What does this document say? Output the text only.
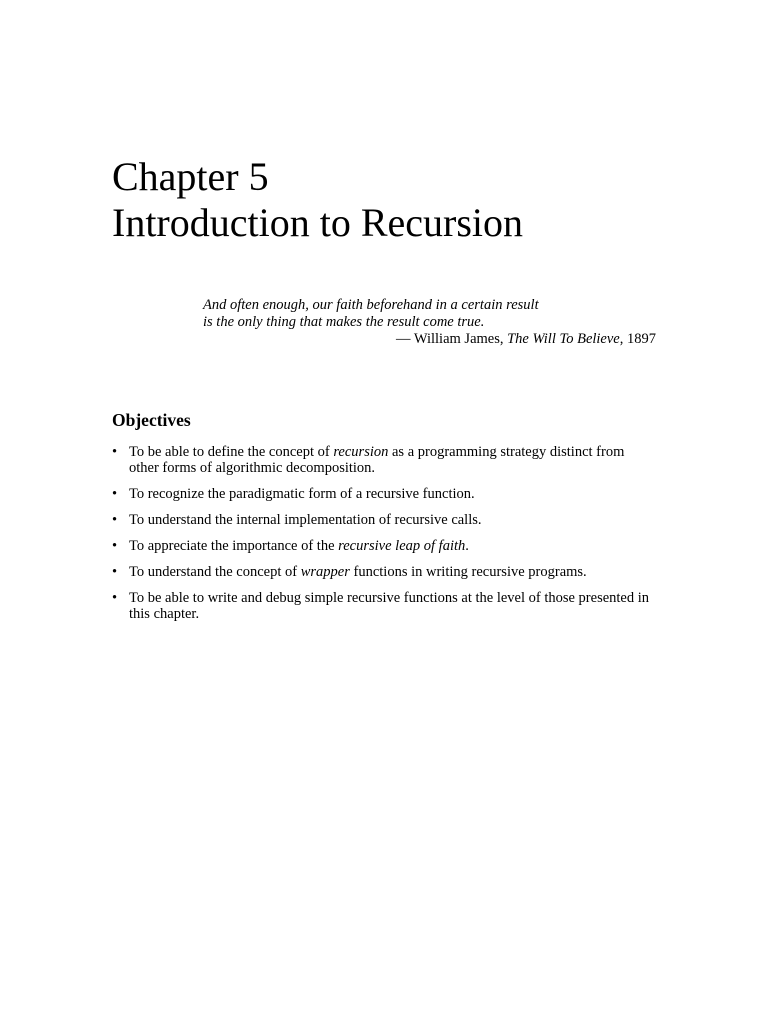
Chapter 5
Introduction to Recursion
And often enough, our faith beforehand in a certain result
is the only thing that makes the result come true.
— William James, The Will To Believe, 1897
Objectives
• To be able to define the concept of recursion as a programming strategy distinct from other forms of algorithmic decomposition.
• To recognize the paradigmatic form of a recursive function.
• To understand the internal implementation of recursive calls.
• To appreciate the importance of the recursive leap of faith.
• To understand the concept of wrapper functions in writing recursive programs.
• To be able to write and debug simple recursive functions at the level of those presented in this chapter.
